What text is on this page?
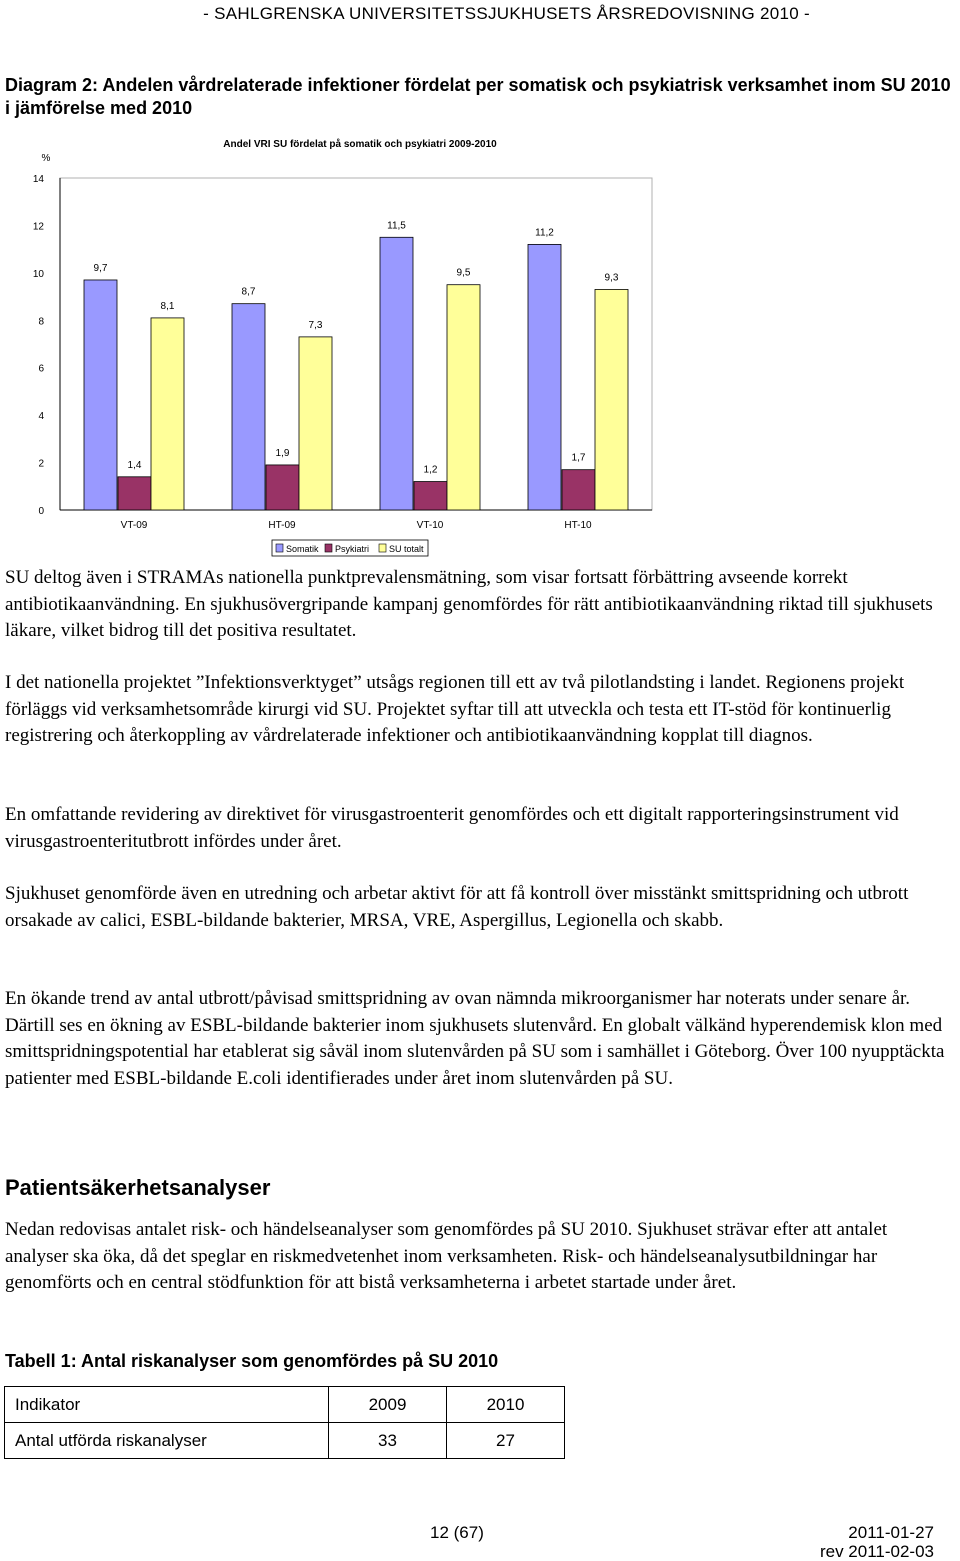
- SAHLGRENSKA UNIVERSITETSSJUKHUSETS ÅRSREDOVISNING 2010 -

Diagram 2: Andelen vårdrelaterade infektioner fördelat per somatisk och psykiatrisk verksamhet inom SU 2010 i jämförelse med 2010

Andel VRI SU fördelat på somatik och psykiatri 2009-2010
%
0
2
4
6
8
10
12
14
9,7
1,4
8,1
VT-09
8,7
1,9
7,3
HT-09
11,5
1,2
9,5
VT-10
11,2
1,7
9,3
HT-10
Somatik Psykiatri SU totalt

SU deltog även i STRAMAs nationella punktprevalensmätning, som visar fortsatt förbättring avseende korrekt antibiotikaanvändning. En sjukhusövergripande kampanj genomfördes för rätt antibiotikaanvändning riktad till sjukhusets läkare, vilket bidrog till det positiva resultatet.

I det nationella projektet ”Infektionsverktyget” utsågs regionen till ett av två pilotlandsting i landet. Regionens projekt förläggs vid verksamhetsområde kirurgi vid SU. Projektet syftar till att utveckla och testa ett IT-stöd för kontinuerlig registrering och återkoppling av vårdrelaterade infektioner och antibiotikaanvändning kopplat till diagnos.

En omfattande revidering av direktivet för virusgastroenterit genomfördes och ett digitalt rapporteringsinstrument vid virusgastroenteritutbrott infördes under året.

Sjukhuset genomförde även en utredning och arbetar aktivt för att få kontroll över misstänkt smittspridning och utbrott orsakade av calici, ESBL-bildande bakterier, MRSA, VRE, Aspergillus, Legionella och skabb.

En ökande trend av antal utbrott/påvisad smittspridning av ovan nämnda mikroorganismer har noterats under senare år. Därtill ses en ökning av ESBL-bildande bakterier inom sjukhusets slutenvård. En globalt välkänd hyperendemisk klon med smittspridningspotential har etablerat sig såväl inom slutenvården på SU som i samhället i Göteborg. Över 100 nyupptäckta patienter med ESBL-bildande E.coli identifierades under året inom slutenvården på SU.

Patientsäkerhetsanalyser

Nedan redovisas antalet risk- och händelseanalyser som genomfördes på SU 2010. Sjukhuset strävar efter att antalet analyser ska öka, då det speglar en riskmedvetenhet inom verksamheten. Risk- och händelseanalysutbildningar har genomförts och en central stödfunktion för att bistå verksamheterna i arbetet startade under året.

Tabell 1: Antal riskanalyser som genomfördes på SU 2010

Indikator	2009	2010
Antal utförda riskanalyser	33	27
12 (67)	2011-01-27
rev 2011-02-03
